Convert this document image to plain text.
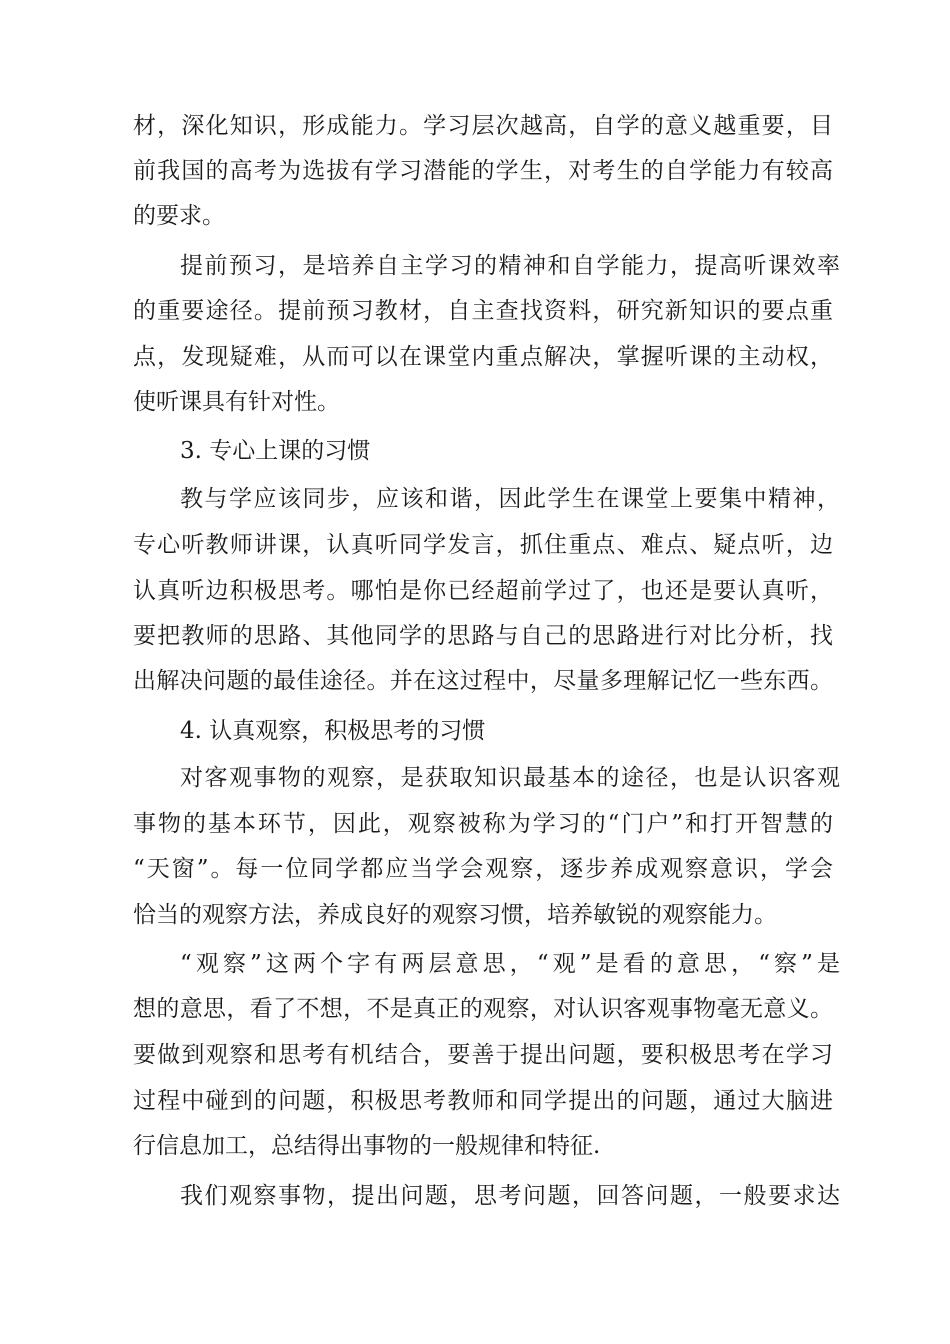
材，深化知识，形成能力。学习层次越高，自学的意义越重要，目
前我国的高考为选拔有学习潜能的学生，对考生的自学能力有较高
的要求。
提前预习，是培养自主学习的精神和自学能力，提高听课效率
的重要途径。提前预习教材，自主查找资料，研究新知识的要点重
点，发现疑难，从而可以在课堂内重点解决，掌握听课的主动权，
使听课具有针对性。
3. 专心上课的习惯
教与学应该同步，应该和谐，因此学生在课堂上要集中精神，
专心听教师讲课，认真听同学发言，抓住重点、难点、疑点听，边
认真听边积极思考。哪怕是你已经超前学过了，也还是要认真听，
要把教师的思路、其他同学的思路与自己的思路进行对比分析，找
出解决问题的最佳途径。并在这过程中，尽量多理解记忆一些东西。
4. 认真观察，积极思考的习惯
对客观事物的观察，是获取知识最基本的途径，也是认识客观
事物的基本环节，因此，观察被称为学习的“门户”和打开智慧的
“天窗”。每一位同学都应当学会观察，逐步养成观察意识，学会
恰当的观察方法，养成良好的观察习惯，培养敏锐的观察能力。
“观察”这两个字有两层意思，“观”是看的意思，“察”是
想的意思，看了不想，不是真正的观察，对认识客观事物毫无意义。
要做到观察和思考有机结合，要善于提出问题，要积极思考在学习
过程中碰到的问题，积极思考教师和同学提出的问题，通过大脑进
行信息加工，总结得出事物的一般规律和特征.
我们观察事物，提出问题，思考问题，回答问题，一般要求达
